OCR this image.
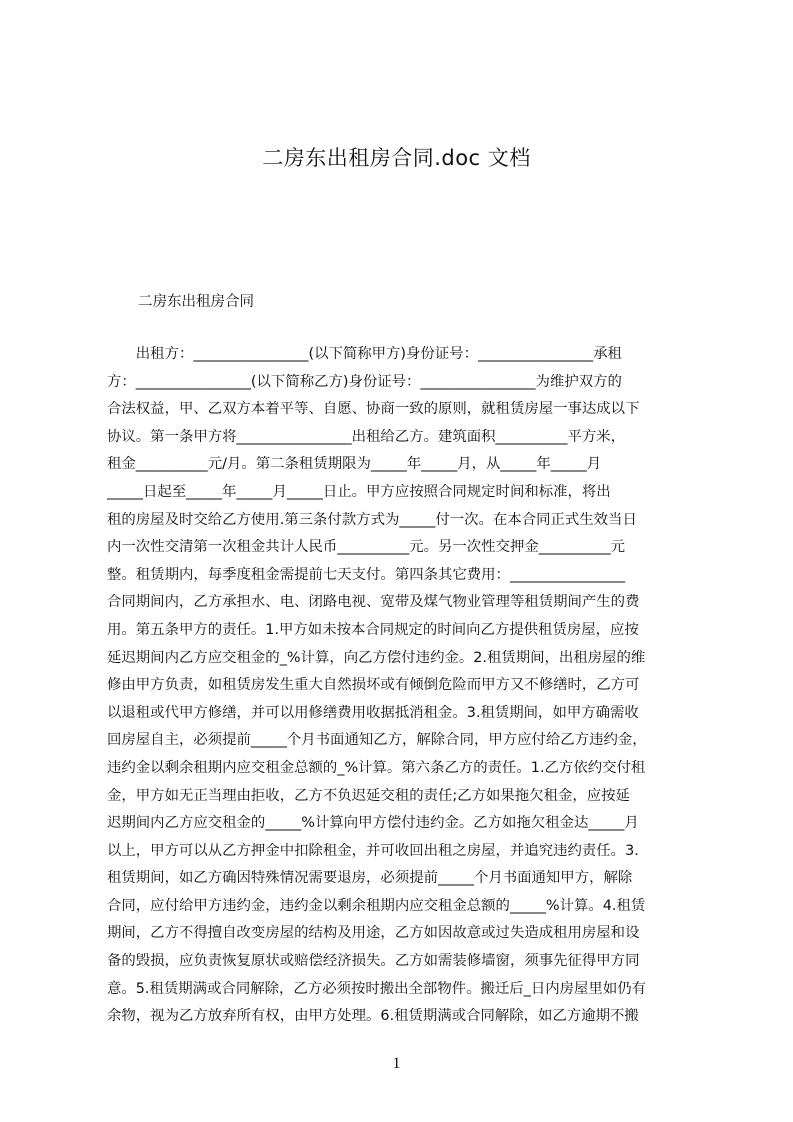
二房东出租房合同.doc 文档
二房东出租房合同
　　出租方：________________(以下简称甲方)身份证号：________________承租
方：________________(以下简称乙方)身份证号：________________为维护双方的
合法权益，甲、乙双方本着平等、自愿、协商一致的原则，就租赁房屋一事达成以下
协议。第一条甲方将________________出租给乙方。建筑面积__________平方米，
租金__________元/月。第二条租赁期限为_____年_____月，从_____年_____月
_____日起至_____年_____月_____日止。甲方应按照合同规定时间和标准，将出
租的房屋及时交给乙方使用.第三条付款方式为_____付一次。在本合同正式生效当日
内一次性交清第一次租金共计人民币__________元。另一次性交押金__________元
整。租赁期内，每季度租金需提前七天支付。第四条其它费用：________________
合同期间内，乙方承担水、电、闭路电视、宽带及煤气物业管理等租赁期间产生的费
用。第五条甲方的责任。1.甲方如未按本合同规定的时间向乙方提供租赁房屋，应按
延迟期间内乙方应交租金的_%计算，向乙方偿付违约金。2.租赁期间，出租房屋的维
修由甲方负责，如租赁房发生重大自然损坏或有倾倒危险而甲方又不修缮时，乙方可
以退租或代甲方修缮，并可以用修缮费用收据抵消租金。3.租赁期间，如甲方确需收
回房屋自主，必须提前_____个月书面通知乙方，解除合同，甲方应付给乙方违约金，
违约金以剩余租期内应交租金总额的_%计算。第六条乙方的责任。1.乙方依约交付租
金，甲方如无正当理由拒收，乙方不负迟延交租的责任;乙方如果拖欠租金，应按延
迟期间内乙方应交租金的_____%计算向甲方偿付违约金。乙方如拖欠租金达_____月
以上，甲方可以从乙方押金中扣除租金，并可收回出租之房屋，并追究违约责任。3.
租赁期间，如乙方确因特殊情况需要退房，必须提前_____个月书面通知甲方，解除
合同，应付给甲方违约金，违约金以剩余租期内应交租金总额的_____%计算。4.租赁
期间，乙方不得擅自改变房屋的结构及用途，乙方如因故意或过失造成租用房屋和设
备的毁损，应负责恢复原状或赔偿经济损失。乙方如需装修墙窗，须事先征得甲方同
意。5.租赁期满或合同解除，乙方必须按时搬出全部物件。搬迁后_日内房屋里如仍有
余物，视为乙方放弃所有权，由甲方处理。6.租赁期满或合同解除，如乙方逾期不搬
1
